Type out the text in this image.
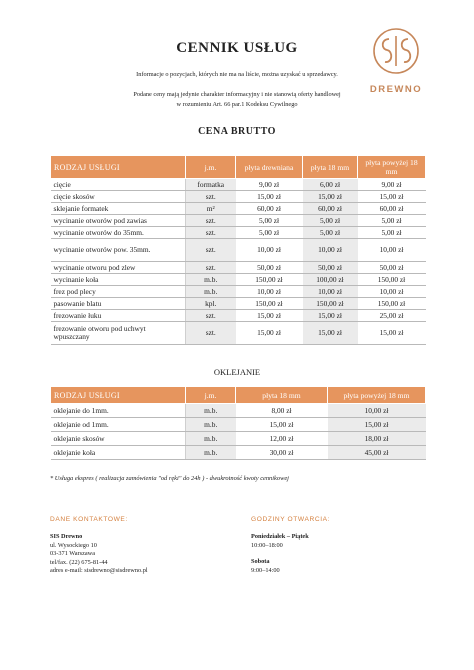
CENNIK USŁUG
Informacje o pozycjach, których nie ma na liście, można uzyskać u sprzedawcy.
Podane ceny mają jedynie charakter informacyjny i nie stanowią oferty handlowej
w rozumieniu Art. 66 par.1 Kodeksu Cywilnego
DREWNO
CENA BRUTTO
RODZAJ USŁUGI	j.m.	płyta drewniana	płyta 18 mm	płyta powyżej 18 mm
cięcie	formatka	9,00 zł	6,00 zł	9,00 zł
cięcie skosów	szt.	15,00 zł	15,00 zł	15,00 zł
sklejanie formatek	m²	60,00 zł	60,00 zł	60,00 zł
wycinanie otworów pod zawias	szt.	5,00 zł	5,00 zł	5,00 zł
wycinanie otworów do 35mm.	szt.	5,00 zł	5,00 zł	5,00 zł
wycinanie otworów pow. 35mm.	szt.	10,00 zł	10,00 zł	10,00 zł
wycinanie otworu pod zlew	szt.	50,00 zł	50,00 zł	50,00 zł
wycinanie koła	m.b.	150,00 zł	100,00 zł	150,00 zł
frez pod plecy	m.b.	10,00 zł	10,00 zł	10,00 zł
pasowanie blatu	kpl.	150,00 zł	150,00 zł	150,00 zł
frezowanie łuku	szt.	15,00 zł	15,00 zł	25,00 zł
frezowanie otworu pod uchwyt wpuszczany	szt.	15,00 zł	15,00 zł	15,00 zł
OKLEJANIE
RODZAJ USŁUGI	j.m.	płyta 18 mm	płyta powyżej 18 mm
oklejanie do 1mm.	m.b.	8,00 zł	10,00 zł
oklejanie od 1mm.	m.b.	15,00 zł	15,00 zł
oklejanie skosów	m.b.	12,00 zł	18,00 zł
oklejanie koła	m.b.	30,00 zł	45,00 zł
* Usługa ekspres ( realizacja zamówienia "od ręki" do 24h ) - dwukrotność kwoty cennikowej
DANE KONTAKTOWE:	GODZINY OTWARCIA:
SIS Drewno
ul. Wysockiego 10
03-371 Warszawa
tel/fax. (22) 675-81-44
adres e-mail: sisdrewno@sisdrewno.pl
Poniedziałek – Piątek
10:00–18:00
Sobota
9:00–14:00
